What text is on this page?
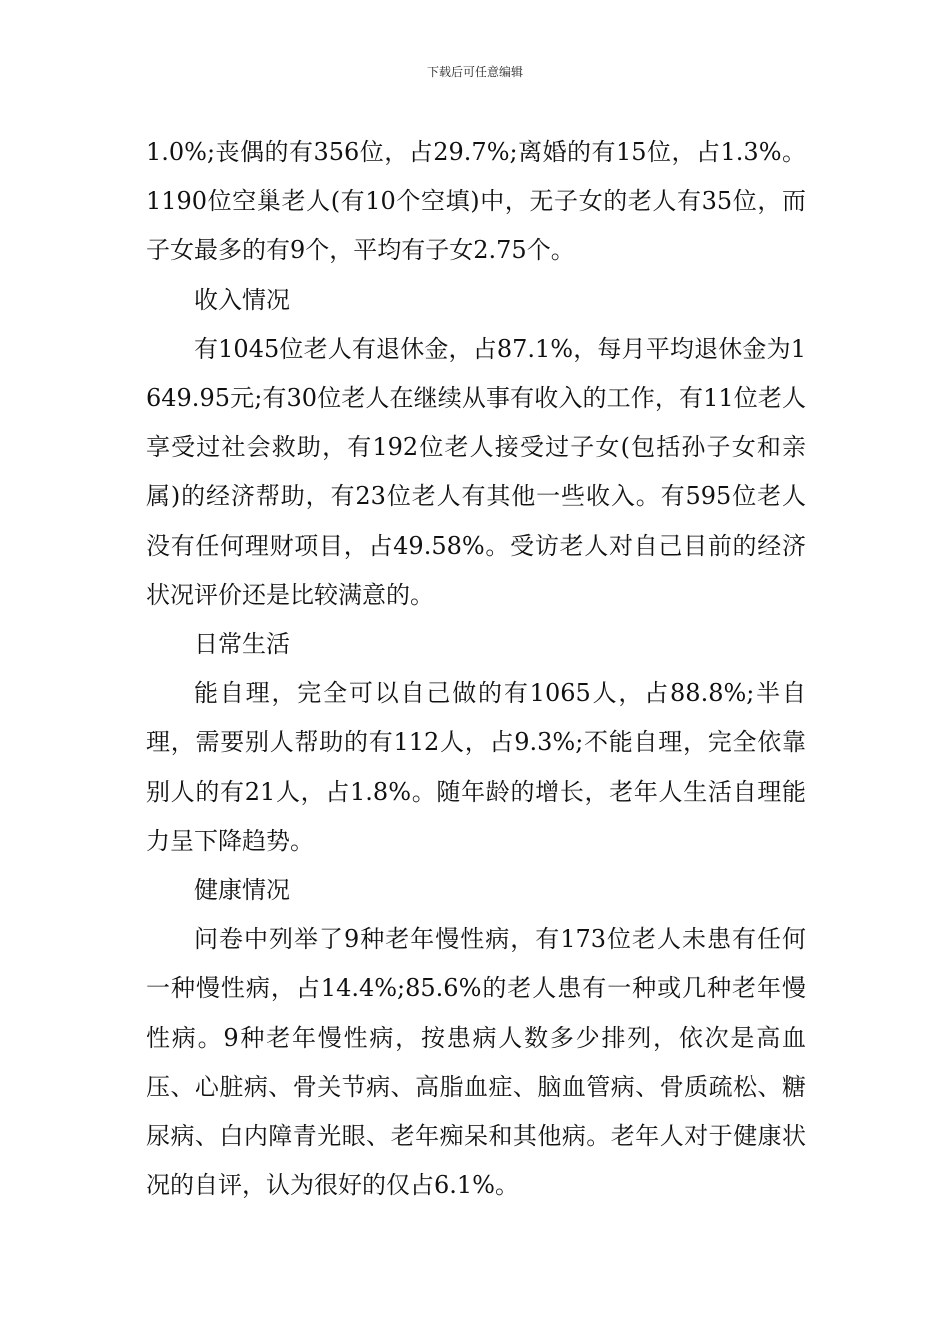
下载后可任意编辑

1.0%;丧偶的有356位，占29.7%;离婚的有15位，占1.3%。1190位空巢老人(有10个空填)中，无子女的老人有35位，而子女最多的有9个，平均有子女2.75个。

收入情况

有1045位老人有退休金，占87.1%，每月平均退休金为1649.95元;有30位老人在继续从事有收入的工作，有11位老人享受过社会救助，有192位老人接受过子女(包括孙子女和亲属)的经济帮助，有23位老人有其他一些收入。有595位老人没有任何理财项目，占49.58%。受访老人对自己目前的经济状况评价还是比较满意的。

日常生活

能自理，完全可以自己做的有1065人，占88.8%;半自理，需要别人帮助的有112人，占9.3%;不能自理，完全依靠别人的有21人，占1.8%。随年龄的增长，老年人生活自理能力呈下降趋势。

健康情况

问卷中列举了9种老年慢性病，有173位老人未患有任何一种慢性病，占14.4%;85.6%的老人患有一种或几种老年慢性病。9种老年慢性病，按患病人数多少排列，依次是高血压、心脏病、骨关节病、高脂血症、脑血管病、骨质疏松、糖尿病、白内障青光眼、老年痴呆和其他病。老年人对于健康状况的自评，认为很好的仅占6.1%。
